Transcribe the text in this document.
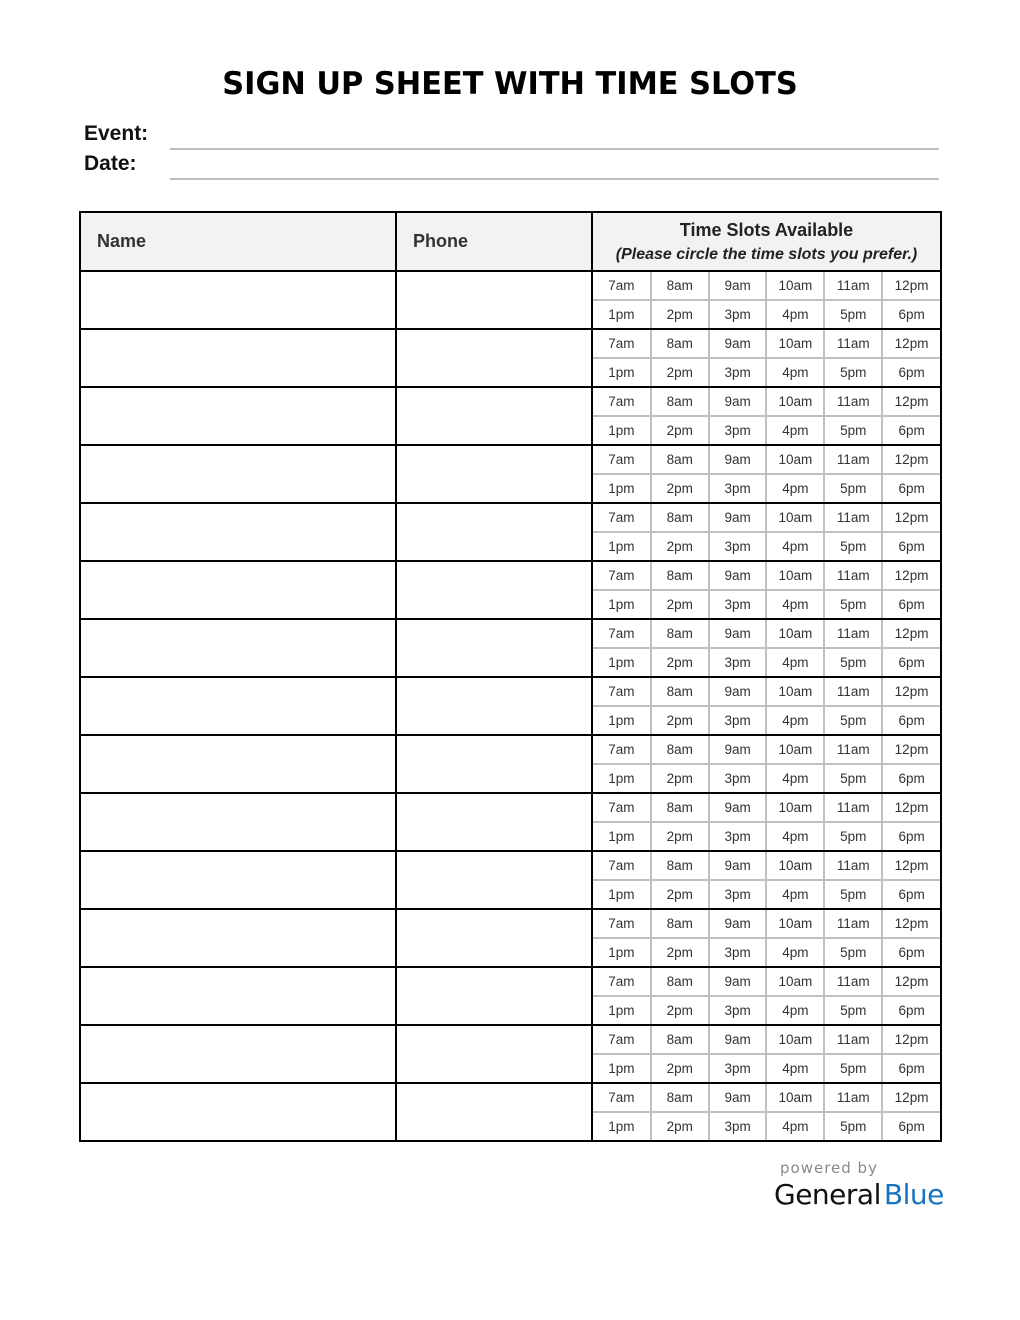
SIGN UP SHEET WITH TIME SLOTS
Event:
Date:
Name	Phone	
Time Slots Available
(Please circle the time slots you prefer.)

7am	8am	9am	10am	11am	12pm
1pm	2pm	3pm	4pm	5pm	6pm

7am	8am	9am	10am	11am	12pm
1pm	2pm	3pm	4pm	5pm	6pm

7am	8am	9am	10am	11am	12pm
1pm	2pm	3pm	4pm	5pm	6pm

7am	8am	9am	10am	11am	12pm
1pm	2pm	3pm	4pm	5pm	6pm

7am	8am	9am	10am	11am	12pm
1pm	2pm	3pm	4pm	5pm	6pm

7am	8am	9am	10am	11am	12pm
1pm	2pm	3pm	4pm	5pm	6pm

7am	8am	9am	10am	11am	12pm
1pm	2pm	3pm	4pm	5pm	6pm

7am	8am	9am	10am	11am	12pm
1pm	2pm	3pm	4pm	5pm	6pm

7am	8am	9am	10am	11am	12pm
1pm	2pm	3pm	4pm	5pm	6pm

7am	8am	9am	10am	11am	12pm
1pm	2pm	3pm	4pm	5pm	6pm

7am	8am	9am	10am	11am	12pm
1pm	2pm	3pm	4pm	5pm	6pm

7am	8am	9am	10am	11am	12pm
1pm	2pm	3pm	4pm	5pm	6pm

7am	8am	9am	10am	11am	12pm
1pm	2pm	3pm	4pm	5pm	6pm

7am	8am	9am	10am	11am	12pm
1pm	2pm	3pm	4pm	5pm	6pm

7am	8am	9am	10am	11am	12pm
1pm	2pm	3pm	4pm	5pm	6pm
powered by
General Blue
